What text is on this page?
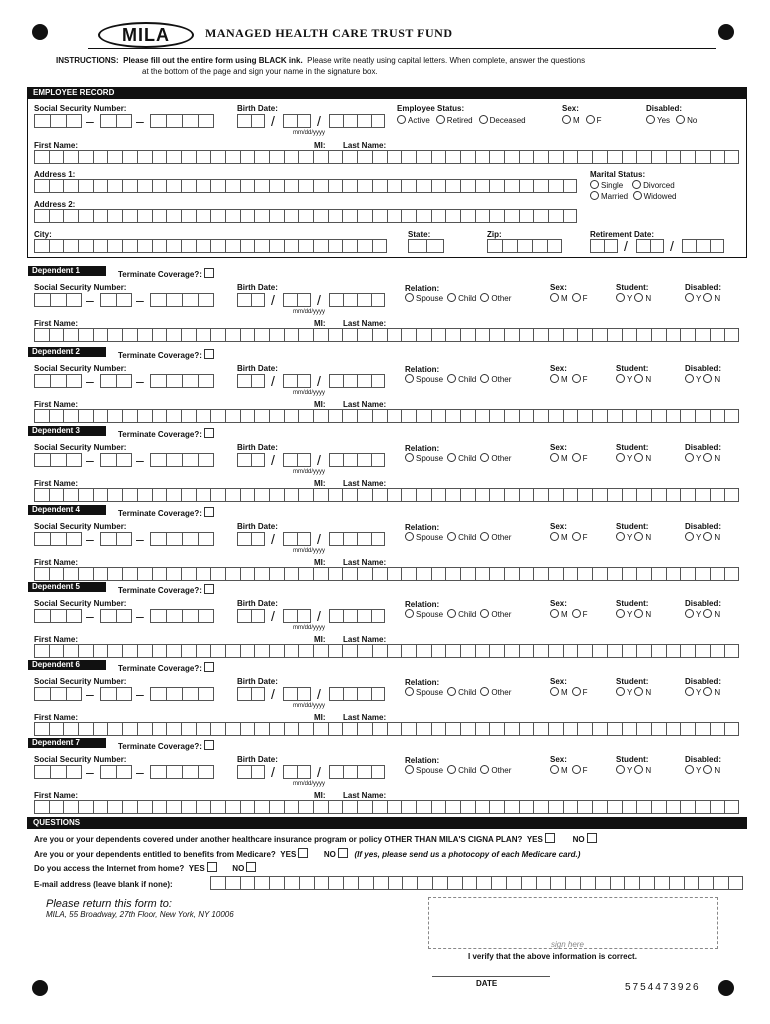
MILA	MANAGED HEALTH CARE TRUST FUND
INSTRUCTIONS: Please fill out the entire form using BLACK ink. Please write neatly using capital letters. When complete, answer the questions
at the bottom of the page and sign your name in the signature box.
EMPLOYEE RECORD
QUESTIONS
Are you or your dependents covered under another healthcare insurance program or policy OTHER THAN MILA'S CIGNA PLAN? YES	NO
Are you or your dependents entitled to benefits from Medicare? YES	NO (If yes, please send us a photocopy of each Medicare card.)
Do you access the Internet from home? YES	NO
E-mail address (leave blank if none):
Please return this form to:
MILA, 55 Broadway, 27th Floor, New York, NY 10006
sign here
I verify that the above information is correct.
DATE	5754473926
Social Security Number:
–	–
Birth Date:
/	/
mm/dd/yyyy
Employee Status:
Active Retired Deceased
Sex:
M F
Disabled:
Yes No
First Name:	MI: Last Name:
Address 1:	Marital Status:
Single Divorced
Married Widowed
Address 2:
City:	State:	Zip:	Retirement Date:
/	/
Dependent 1	Terminate Coverage?:
Social Security Number:
–	–
Birth Date:
/	/
mm/dd/yyyy
Relation:
Spouse Child Other
Sex:
M F
Student:
Y N
Disabled:
Y N
First Name:	MI: Last Name:
Dependent 2	Terminate Coverage?:
Social Security Number:
–	–
Birth Date:
/	/
mm/dd/yyyy
Relation:
Spouse Child Other
Sex:
M F
Student:
Y N
Disabled:
Y N
First Name:	MI: Last Name:
Dependent 3	Terminate Coverage?:
Social Security Number:
–	–
Birth Date:
/	/
mm/dd/yyyy
Relation:
Spouse Child Other
Sex:
M F
Student:
Y N
Disabled:
Y N
First Name:	MI: Last Name:
Dependent 4	Terminate Coverage?:
Social Security Number:
–	–
Birth Date:
/	/
mm/dd/yyyy
Relation:
Spouse Child Other
Sex:
M F
Student:
Y N
Disabled:
Y N
First Name:	MI: Last Name:
Dependent 5	Terminate Coverage?:
Social Security Number:
–	–
Birth Date:
/	/
mm/dd/yyyy
Relation:
Spouse Child Other
Sex:
M F
Student:
Y N
Disabled:
Y N
First Name:	MI: Last Name:
Dependent 6	Terminate Coverage?:
Social Security Number:
–	–
Birth Date:
/	/
mm/dd/yyyy
Relation:
Spouse Child Other
Sex:
M F
Student:
Y N
Disabled:
Y N
First Name:	MI: Last Name:
Dependent 7	Terminate Coverage?:
Social Security Number:
–	–
Birth Date:
/	/
mm/dd/yyyy
Relation:
Spouse Child Other
Sex:
M F
Student:
Y N
Disabled:
Y N
First Name:	MI: Last Name:
